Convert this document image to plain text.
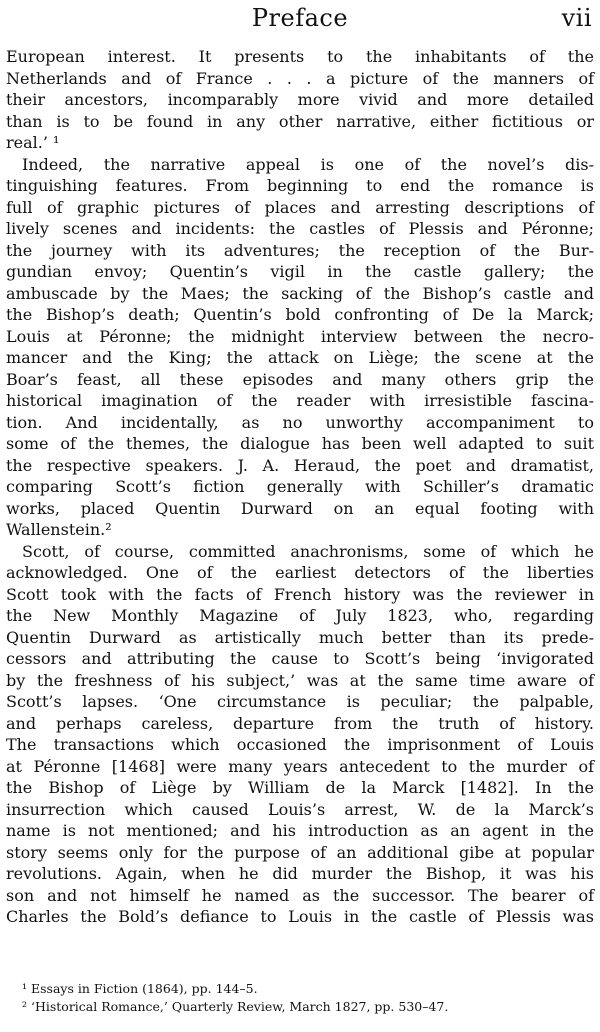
Preface	vii
European interest. It presents to the inhabitants of the
Netherlands and of France . . . a picture of the manners of
their ancestors, incomparably more vivid and more detailed
than is to be found in any other narrative, either fictitious or
real.’ ¹
Indeed, the narrative appeal is one of the novel’s dis-
tinguishing features. From beginning to end the romance is
full of graphic pictures of places and arresting descriptions of
lively scenes and incidents: the castles of Plessis and Péronne;
the journey with its adventures; the reception of the Bur-
gundian envoy; Quentin’s vigil in the castle gallery; the
ambuscade by the Maes; the sacking of the Bishop’s castle and
the Bishop’s death; Quentin’s bold confronting of De la Marck;
Louis at Péronne; the midnight interview between the necro-
mancer and the King; the attack on Liège; the scene at the
Boar’s feast, all these episodes and many others grip the
historical imagination of the reader with irresistible fascina-
tion. And incidentally, as no unworthy accompaniment to
some of the themes, the dialogue has been well adapted to suit
the respective speakers. J. A. Heraud, the poet and dramatist,
comparing Scott’s fiction generally with Schiller’s dramatic
works, placed Quentin Durward on an equal footing with
Wallenstein.²
Scott, of course, committed anachronisms, some of which he
acknowledged. One of the earliest detectors of the liberties
Scott took with the facts of French history was the reviewer in
the New Monthly Magazine of July 1823, who, regarding
Quentin Durward as artistically much better than its prede-
cessors and attributing the cause to Scott’s being ‘invigorated
by the freshness of his subject,’ was at the same time aware of
Scott’s lapses. ‘One circumstance is peculiar; the palpable,
and perhaps careless, departure from the truth of history.
The transactions which occasioned the imprisonment of Louis
at Péronne [1468] were many years antecedent to the murder of
the Bishop of Liège by William de la Marck [1482]. In the
insurrection which caused Louis’s arrest, W. de la Marck’s
name is not mentioned; and his introduction as an agent in the
story seems only for the purpose of an additional gibe at popular
revolutions. Again, when he did murder the Bishop, it was his
son and not himself he named as the successor. The bearer of
Charles the Bold’s defiance to Louis in the castle of Plessis was
¹ Essays in Fiction (1864), pp. 144–5.
² ‘Historical Romance,’ Quarterly Review, March 1827, pp. 530–47.
